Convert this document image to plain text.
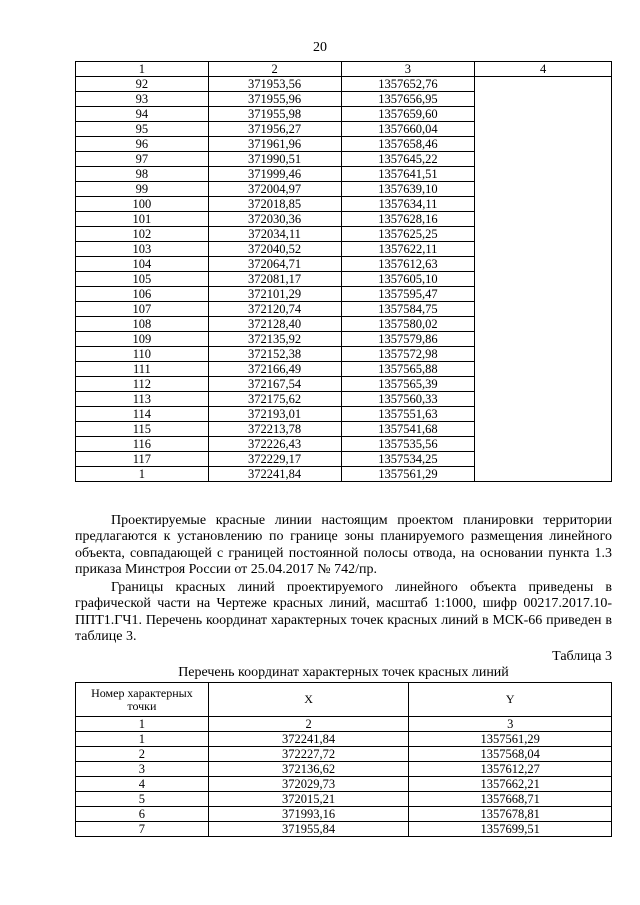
20
1	2	3	4
92	371953,56	1357652,76	
93	371955,96	1357656,95	
94	371955,98	1357659,60	
95	371956,27	1357660,04	
96	371961,96	1357658,46	
97	371990,51	1357645,22	
98	371999,46	1357641,51	
99	372004,97	1357639,10	
100	372018,85	1357634,11	
101	372030,36	1357628,16	
102	372034,11	1357625,25	
103	372040,52	1357622,11	
104	372064,71	1357612,63	
105	372081,17	1357605,10	
106	372101,29	1357595,47	
107	372120,74	1357584,75	
108	372128,40	1357580,02	
109	372135,92	1357579,86	
110	372152,38	1357572,98	
111	372166,49	1357565,88	
112	372167,54	1357565,39	
113	372175,62	1357560,33	
114	372193,01	1357551,63	
115	372213,78	1357541,68	
116	372226,43	1357535,56	
117	372229,17	1357534,25	
1	372241,84	1357561,29	

Проектируемые красные линии настоящим проектом планировки территории предлагаются к установлению по границе зоны планируемого размещения линейного объекта, совпадающей с границей постоянной полосы отвода, на основании пункта 1.3 приказа Минстроя России от 25.04.2017 № 742/пр.

Границы красных линий проектируемого линейного объекта приведены в графической части на Чертеже красных линий, масштаб 1:1000, шифр 00217.2017.10-ППТ1.ГЧ1. Перечень координат характерных точек красных линий в МСК-66 приведен в таблице 3.

Таблица 3
Перечень координат характерных точек красных линий
Номер характерных точки	X	Y
1	2	3
1	372241,84	1357561,29
2	372227,72	1357568,04
3	372136,62	1357612,27
4	372029,73	1357662,21
5	372015,21	1357668,71
6	371993,16	1357678,81
7	371955,84	1357699,51
